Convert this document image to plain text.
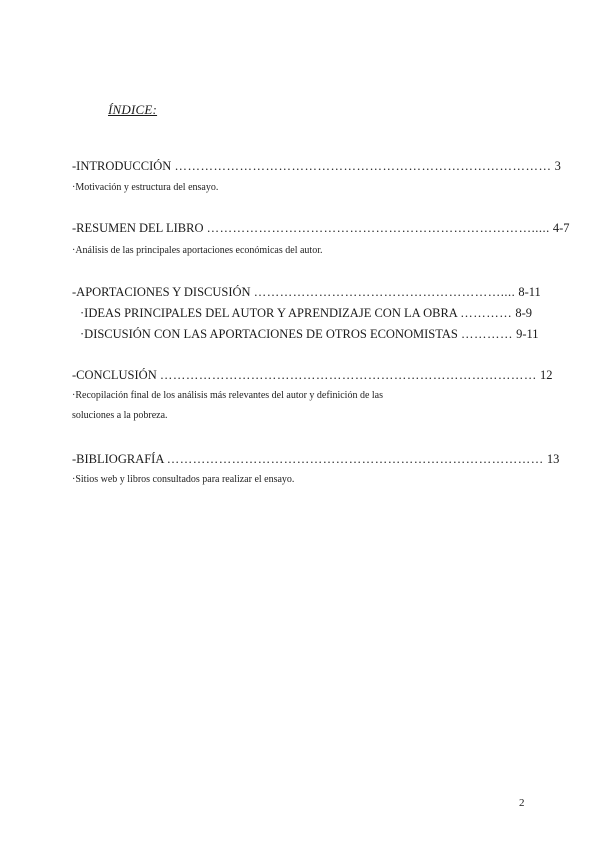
ÍNDICE:
-INTRODUCCIÓN …………………………………………………………………………… 3
·Motivación y estructura del ensayo.
-RESUMEN DEL LIBRO …………………………………………………………………..... 4-7
·Análisis de las principales aportaciones económicas del autor.
-APORTACIONES Y DISCUSIÓN ………………………………………………….... 8-11
·IDEAS PRINCIPALES DEL AUTOR Y APRENDIZAJE CON LA OBRA ………… 8-9
·DISCUSIÓN CON LAS APORTACIONES DE OTROS ECONOMISTAS ………… 9-11
-CONCLUSIÓN …………………………………………………………………………… 12
·Recopilación final de los análisis más relevantes del autor y definición de las
soluciones a la pobreza.
-BIBLIOGRAFÍA …………………………………………………………………………… 13
·Sitios web y libros consultados para realizar el ensayo.
2
